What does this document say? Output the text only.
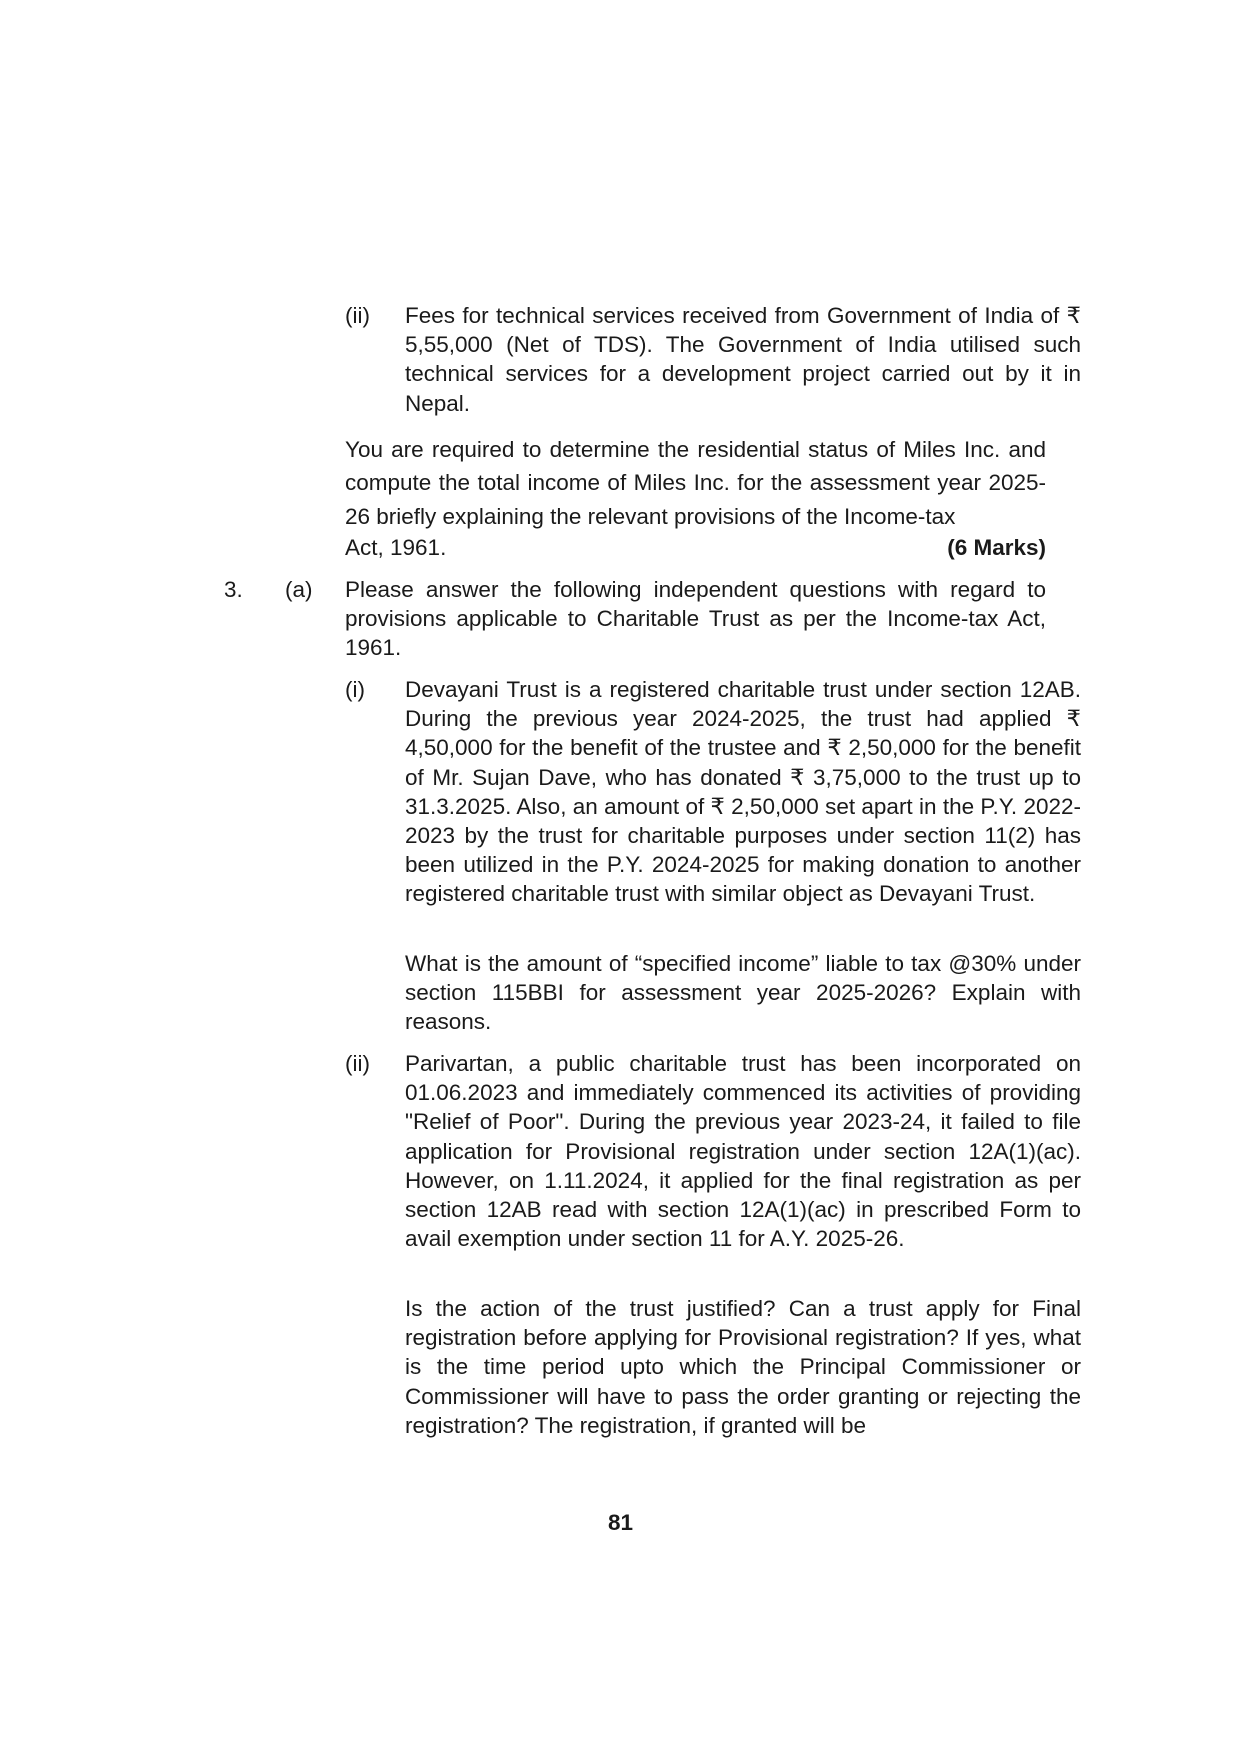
(ii) Fees for technical services received from Government of India of ₹ 5,55,000 (Net of TDS). The Government of India utilised such technical services for a development project carried out by it in Nepal.

You are required to determine the residential status of Miles Inc. and compute the total income of Miles Inc. for the assessment year 2025-26 briefly explaining the relevant provisions of the Income-tax

Act, 1961.	(6 Marks)

3. (a) Please answer the following independent questions with regard to provisions applicable to Charitable Trust as per the Income-tax Act, 1961.

(i) Devayani Trust is a registered charitable trust under section 12AB. During the previous year 2024-2025, the trust had applied ₹ 4,50,000 for the benefit of the trustee and ₹ 2,50,000 for the benefit of Mr. Sujan Dave, who has donated ₹ 3,75,000 to the trust up to 31.3.2025. Also, an amount of ₹ 2,50,000 set apart in the P.Y. 2022-2023 by the trust for charitable purposes under section 11(2) has been utilized in the P.Y. 2024-2025 for making donation to another registered charitable trust with similar object as Devayani Trust.

What is the amount of “specified income” liable to tax @30% under section 115BBI for assessment year 2025-2026? Explain with reasons.

(ii) Parivartan, a public charitable trust has been incorporated on 01.06.2023 and immediately commenced its activities of providing "Relief of Poor". During the previous year 2023-24, it failed to file application for Provisional registration under section 12A(1)(ac). However, on 1.11.2024, it applied for the final registration as per section 12AB read with section 12A(1)(ac) in prescribed Form to avail exemption under section 11 for A.Y. 2025-26.

Is the action of the trust justified? Can a trust apply for Final registration before applying for Provisional registration? If yes, what is the time period upto which the Principal Commissioner or Commissioner will have to pass the order granting or rejecting the registration? The registration, if granted will be

81
